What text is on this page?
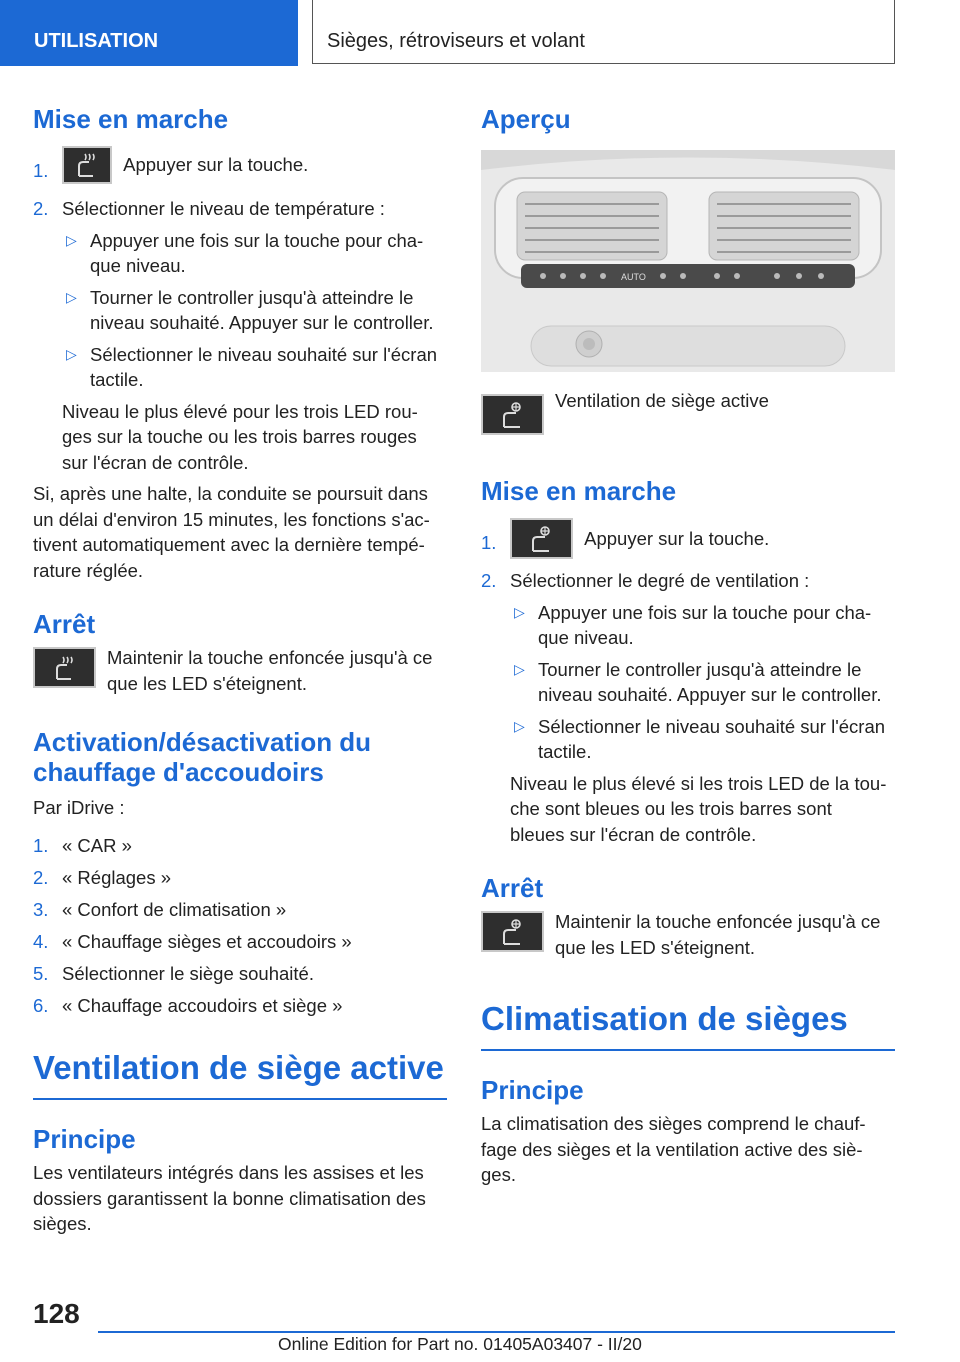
UTILISATION	Sièges, rétroviseurs et volant
Mise en marche
1.	Appuyer sur la touche.
2. Sélectionner le niveau de température :
▷ Appuyer une fois sur la touche pour cha-
que niveau.
▷ Tourner le controller jusqu'à atteindre le
niveau souhaité. Appuyer sur le controller.
▷ Sélectionner le niveau souhaité sur l'écran
tactile.
Niveau le plus élevé pour les trois LED rou-
ges sur la touche ou les trois barres rouges
sur l'écran de contrôle.
Si, après une halte, la conduite se poursuit dans
un délai d'environ 15 minutes, les fonctions s'ac-
tivent automatiquement avec la dernière tempé-
rature réglée.
Arrêt
Maintenir la touche enfoncée jusqu'à ce
que les LED s'éteignent.
Activation/désactivation du
chauffage d'accoudoirs
Par iDrive :
1. « CAR »
2. « Réglages »
3. « Confort de climatisation »
4. « Chauffage sièges et accoudoirs »
5. Sélectionner le siège souhaité.
6. « Chauffage accoudoirs et siège »
Ventilation de siège active
Principe
Les ventilateurs intégrés dans les assises et les
dossiers garantissent la bonne climatisation des
sièges.
Aperçu
AUTO
Ventilation de siège active
Mise en marche
1.	Appuyer sur la touche.
2. Sélectionner le degré de ventilation :
▷ Appuyer une fois sur la touche pour cha-
que niveau.
▷ Tourner le controller jusqu'à atteindre le
niveau souhaité. Appuyer sur le controller.
▷ Sélectionner le niveau souhaité sur l'écran
tactile.
Niveau le plus élevé si les trois LED de la tou-
che sont bleues ou les trois barres sont
bleues sur l'écran de contrôle.
Arrêt
Maintenir la touche enfoncée jusqu'à ce
que les LED s'éteignent.
Climatisation de sièges
Principe
La climatisation des sièges comprend le chauf-
fage des sièges et la ventilation active des siè-
ges.
128
Online Edition for Part no. 01405A03407 - II/20
